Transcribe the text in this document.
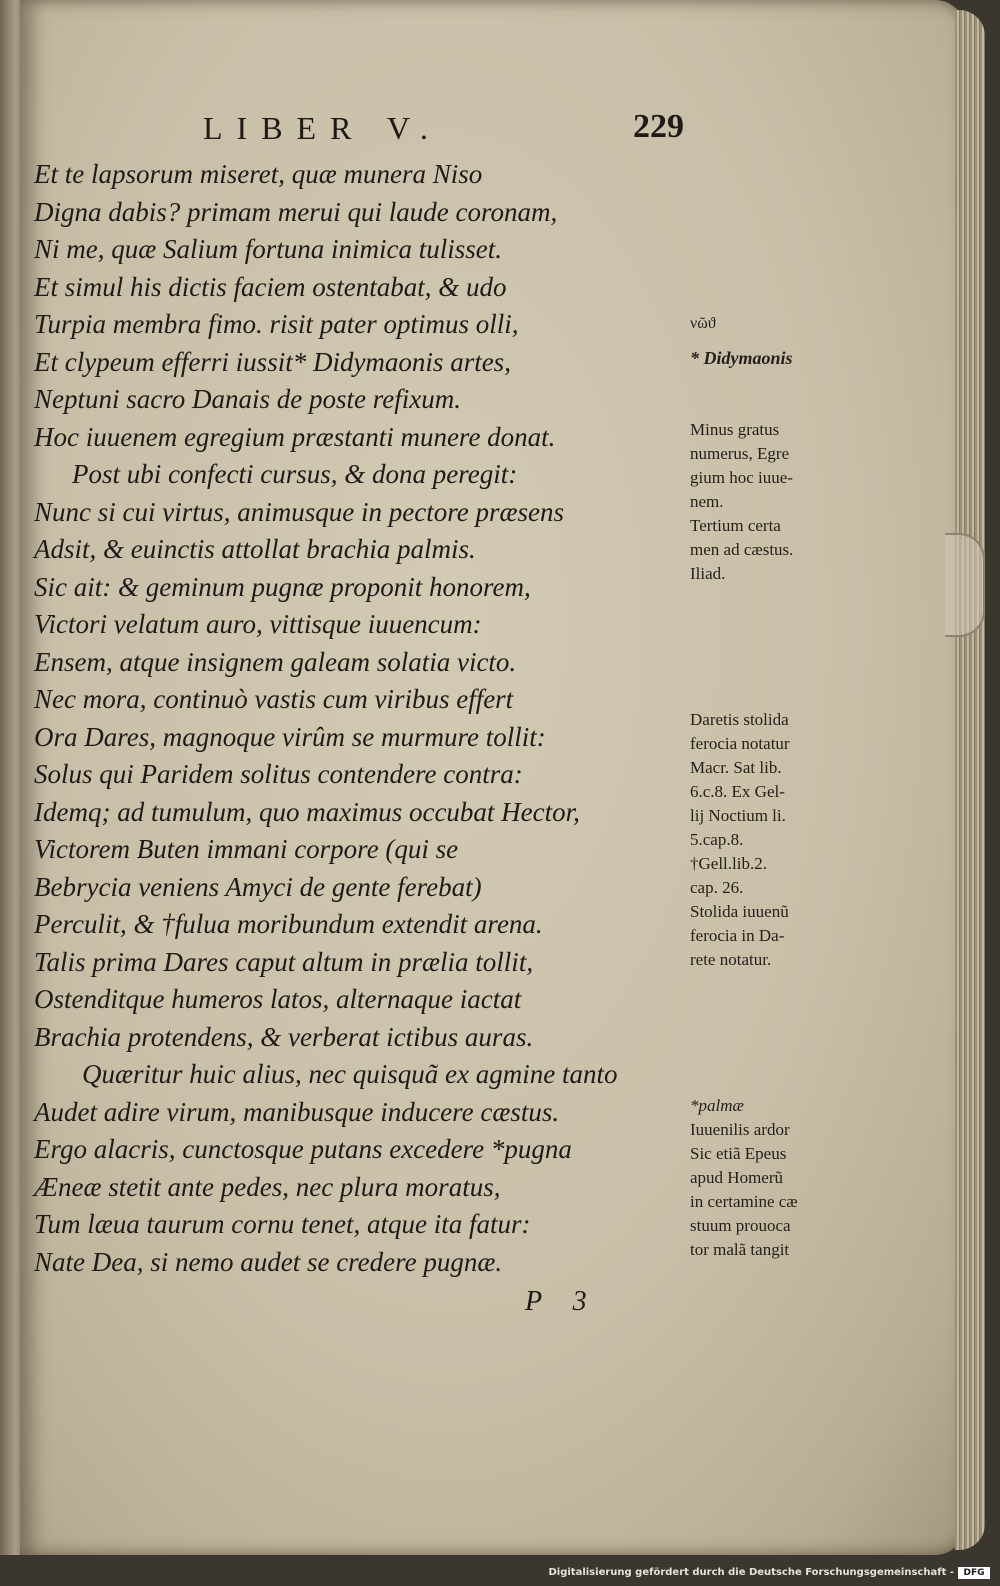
LIBER V.	229
Et te lapsorum miseret, quæ munera Niso
Digna dabis? primam merui qui laude coronam,
Ni me, quæ Salium fortuna inimica tulisset.
Et simul his dictis faciem ostentabat, & udo
Turpia membra fimo. risit pater optimus olli,
Et clypeum efferri iussit* Didymaonis artes,
Neptuni sacro Danais de poste refixum.
Hoc iuuenem egregium præstanti munere donat.
Post ubi confecti cursus, & dona peregit:
Nunc si cui virtus, animusque in pectore præsens
Adsit, & euinctis attollat brachia palmis.
Sic ait: & geminum pugnæ proponit honorem,
Victori velatum auro, vittisque iuuencum:
Ensem, atque insignem galeam solatia victo.
Nec mora, continuò vastis cum viribus effert
Ora Dares, magnoque virûm se murmure tollit:
Solus qui Paridem solitus contendere contra:
Idemq; ad tumulum, quo maximus occubat Hector,
Victorem Buten immani corpore (qui se
Bebrycia veniens Amyci de gente ferebat)
Perculit, & †fulua moribundum extendit arena.
Talis prima Dares caput altum in prælia tollit,
Ostenditque humeros latos, alternaque iactat
Brachia protendens, & verberat ictibus auras.
Quæritur huic alius, nec quisquã ex agmine tanto
Audet adire virum, manibusque inducere cæstus.
Ergo alacris, cunctosque putans excedere *pugna
Æneæ stetit ante pedes, nec plura moratus,
Tum læua taurum cornu tenet, atque ita fatur:
Nate Dea, si nemo audet se credere pugnæ.
νῶϑ
* Didymaonis
Minus gratus
numerus, Egre
gium hoc iuue-
nem.
Tertium certa
men ad cæstus.
Iliad.
Daretis stolida
ferocia notatur
Macr. Sat lib.
6.c.8. Ex Gel-
lij Noctium li.
5.cap.8.
†Gell.lib.2.
cap. 26.
Stolida iuuenũ
ferocia in Da-
rete notatur.
*palmæ
Iuuenilis ardor
Sic etiã Epeus
apud Homerũ
in certamine cæ
stuum prouoca
tor malã tangit
P 3
Digitalisierung gefördert durch die Deutsche Forschungsgemeinschaft -	DFG
